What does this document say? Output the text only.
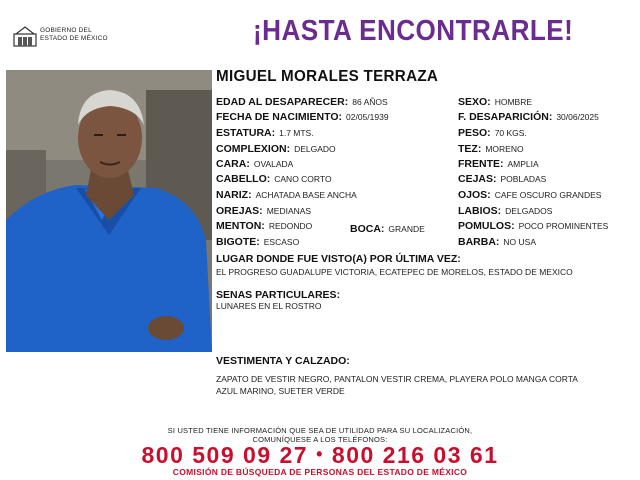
GOBIERNO DEL
ESTADO DE MÉXICO	¡HASTA ENCONTRARLE!
MIGUEL MORALES TERRAZA
EDAD AL DESAPARECER: 86 AÑOS
FECHA DE NACIMIENTO: 02/05/1939
ESTATURA: 1.7 MTS.
COMPLEXION: DELGADO
CARA: OVALADA
CABELLO: CANO CORTO
NARIZ: ACHATADA BASE ANCHA
OREJAS: MEDIANAS
MENTON: REDONDO	BOCA: GRANDE
BIGOTE: ESCASO
SEXO: HOMBRE
F. DESAPARICIÓN: 30/06/2025
PESO: 70 KGS.
TEZ: MORENO
FRENTE: AMPLIA
CEJAS: POBLADAS
OJOS: CAFE OSCURO GRANDES
LABIOS: DELGADOS
POMULOS: POCO PROMINENTES
BARBA: NO USA
LUGAR DONDE FUE VISTO(A) POR ÚLTIMA VEZ:
EL PROGRESO GUADALUPE VICTORIA, ECATEPEC DE MORELOS, ESTADO DE MEXICO
SENAS PARTICULARES:
LUNARES EN EL ROSTRO
VESTIMENTA Y CALZADO:
ZAPATO DE VESTIR NEGRO, PANTALON VESTIR CREMA, PLAYERA POLO MANGA CORTA
AZUL MARINO, SUETER VERDE
SI USTED TIENE INFORMACIÓN QUE SEA DE UTILIDAD PARA SU LOCALIZACIÓN,
COMUNÍQUESE A LOS TELÉFONOS:
800 509 09 27 • 800 216 03 61
COMISIÓN DE BÚSQUEDA DE PERSONAS DEL ESTADO DE MÉXICO
